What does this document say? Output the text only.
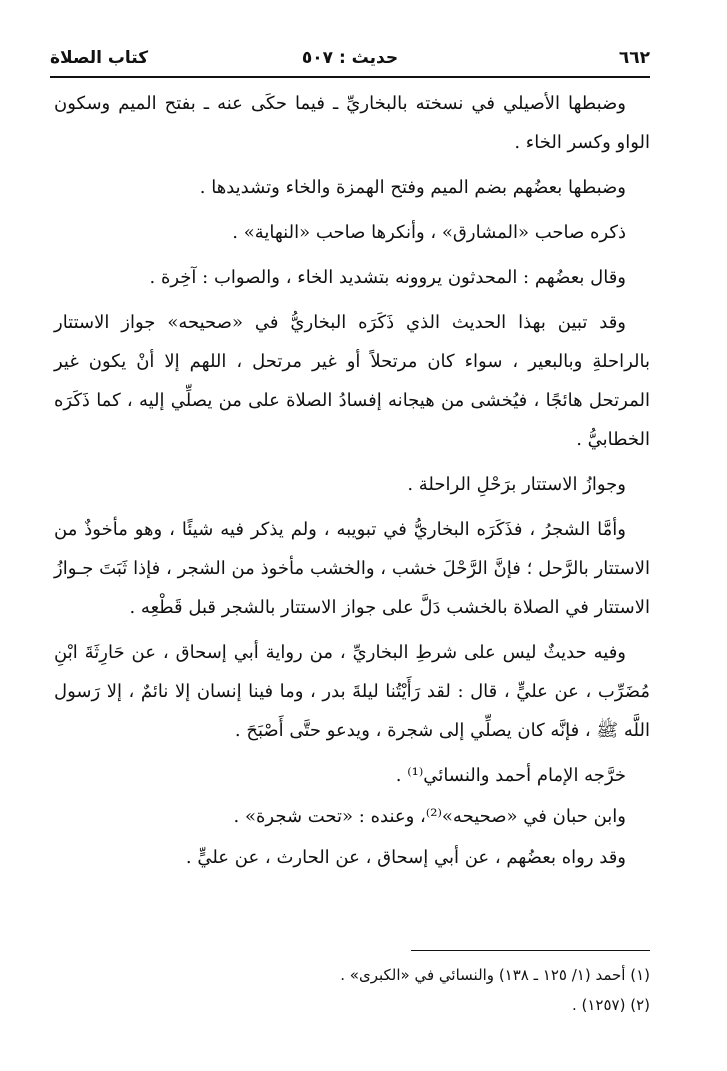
٦٦٢
حديث : ٥٠٧
كتاب الصلاة

وضبطها الأصيلي في نسخته بالبخاريِّ ـ فيما حكَى عنه ـ بفتح الميم وسكون الواو وكسر الخاء .

وضبطها بعضُهم بضم الميم وفتح الهمزة والخاء وتشديدها .

ذكره صاحب «المشارق» ، وأنكرها صاحب «النهاية» .

وقال بعضُهم : المحدثون يروونه بتشديد الخاء ، والصواب : آخِرة .

وقد تبين بهذا الحديث الذي ذَكَرَه البخاريُّ في «صحيحه» جواز الاستتار بالراحلةِ وبالبعير ، سواء كان مرتحلاً أو غير مرتحل ، اللهم إلا أنْ يكون غير المرتحل هائجًا ، فيُخشى من هيجانه إفسادُ الصلاة على من يصلِّي إليه ، كما ذَكَرَه الخطابيُّ .

وجوازُ الاستتار برَحْلِ الراحلة .

وأمَّا الشجرُ ، فذَكَرَه البخاريُّ في تبويبه ، ولم يذكر فيه شيئًا ، وهو مأخوذٌ من الاستتار بالرَّحل ؛ فإنَّ الرَّحْلَ خشب ، والخشب مأخوذ من الشجر ، فإذا ثَبَتَ جـوازُ الاستتار في الصلاة بالخشب دَلَّ على جواز الاستتار بالشجر قبل قَطْعِه .

وفيه حديثٌ ليس على شرطِ البخاريِّ ، من رواية أبي إسحاق ، عن حَارِثَةَ ابْنِ مُضَرِّب ، عن عليٍّ ، قال : لقد رَأَيْتُنا ليلةَ بدر ، وما فينا إنسان إلا نائمٌ ، إلا رَسول اللَّه ﷺ ، فإنَّه كان يصلِّي إلى شجرة ، ويدعو حتَّى أَصْبَحَ .

خرَّجه الإمام أحمد والنسائي⁽¹⁾ .

وابن حبان في «صحيحه»⁽²⁾، وعنده : «تحت شجرة» .

وقد رواه بعضُهم ، عن أبي إسحاق ، عن الحارث ، عن عليٍّ .

(١) أحمد (١/ ١٢٥ ـ ١٣٨) والنسائي في «الكبرى» .
(٢) (١٢٥٧) .
